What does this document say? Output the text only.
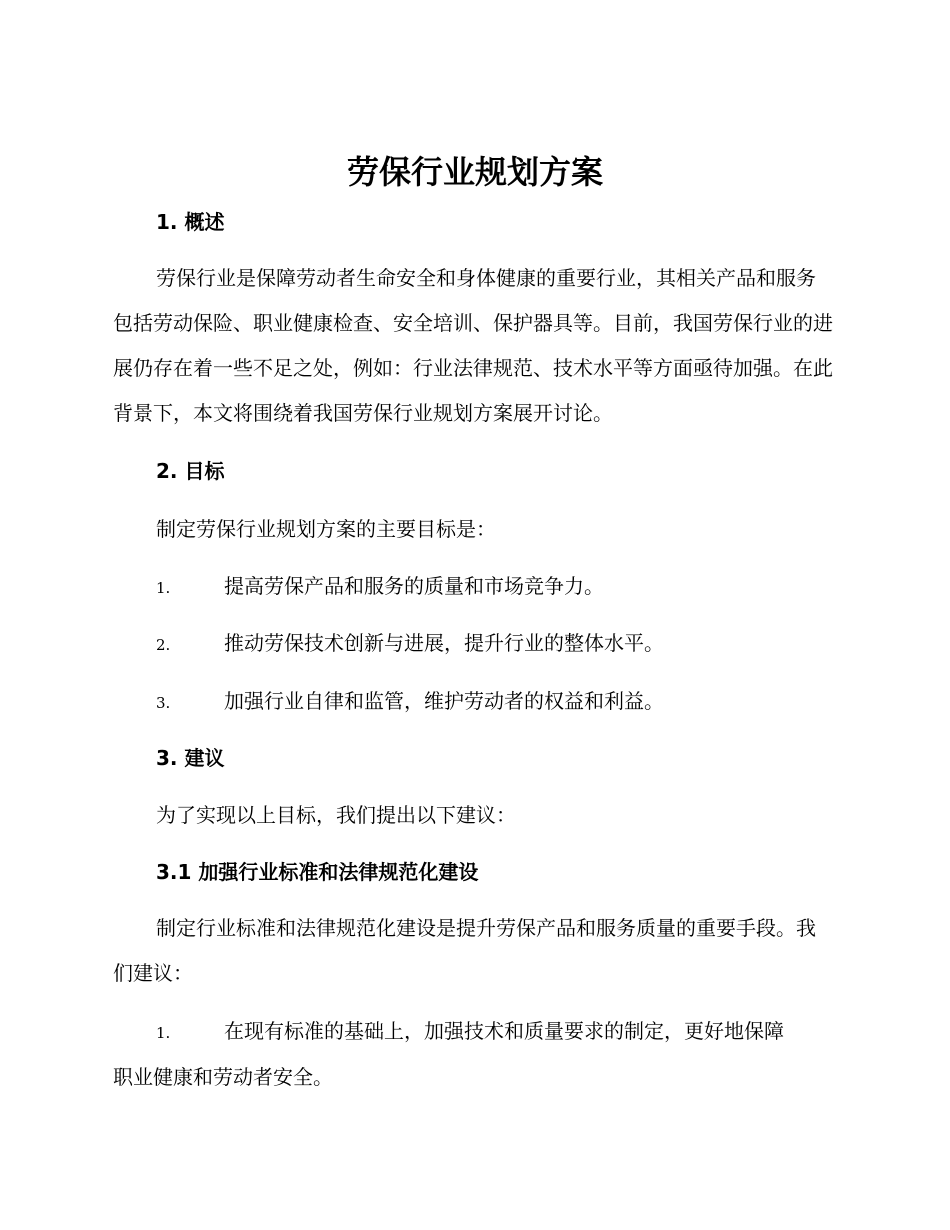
劳保行业规划方案
1. 概述
劳保行业是保障劳动者生命安全和身体健康的重要行业，其相关产品和服务包括劳动保险、职业健康检查、安全培训、保护器具等。目前，我国劳保行业的进展仍存在着一些不足之处，例如：行业法律规范、技术水平等方面亟待加强。在此背景下，本文将围绕着我国劳保行业规划方案展开讨论。
2. 目标
制定劳保行业规划方案的主要目标是：
1.	提高劳保产品和服务的质量和市场竞争力。
2.	推动劳保技术创新与进展，提升行业的整体水平。
3.	加强行业自律和监管，维护劳动者的权益和利益。
3. 建议
为了实现以上目标，我们提出以下建议：
3.1 加强行业标准和法律规范化建设
制定行业标准和法律规范化建设是提升劳保产品和服务质量的重要手段。我们建议：
1.	在现有标准的基础上，加强技术和质量要求的制定，更好地保障
职业健康和劳动者安全。
